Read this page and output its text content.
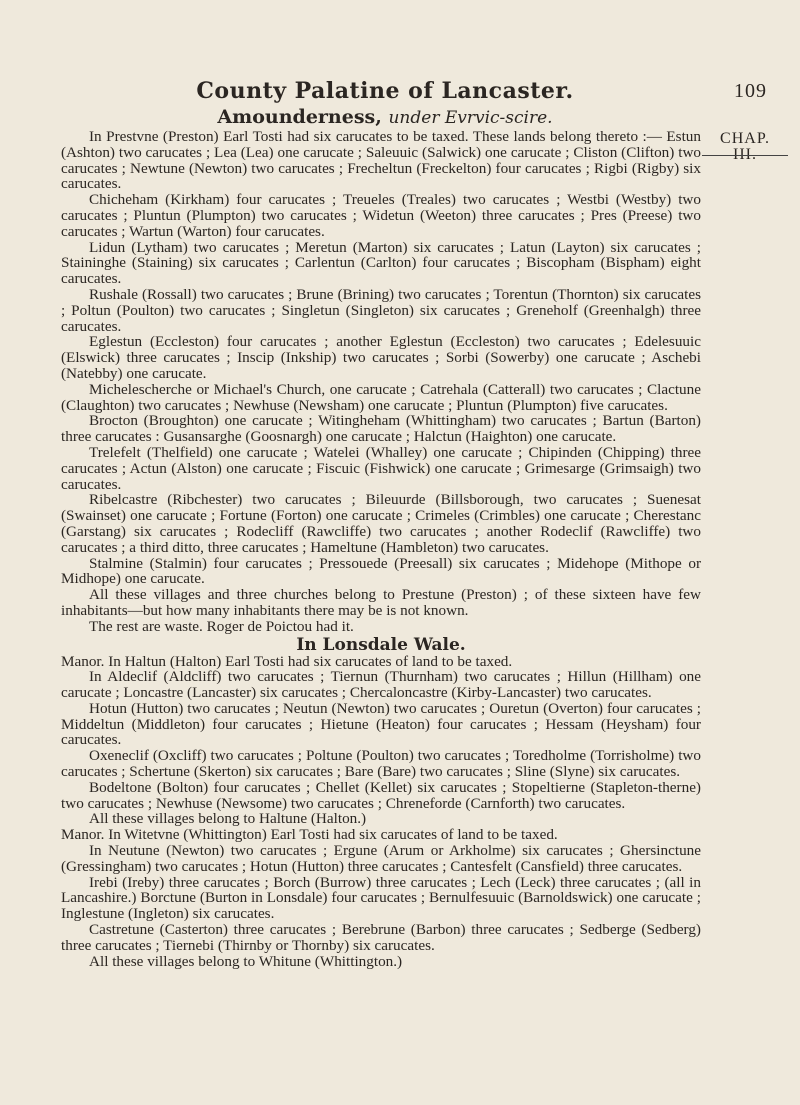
County Palatine of Lancaster.	109
Amounderness, under Evrvic-scire.
CHAP.
III.

In Prestvne (Preston) Earl Tosti had six carucates to be taxed. These lands belong thereto :— Estun (Ashton) two carucates ; Lea (Lea) one carucate ; Saleuuic (Salwick) one carucate ; Cliston (Clifton) two carucates ; Newtune (Newton) two carucates ; Frecheltun (Freckelton) four carucates ; Rigbi (Rigby) six carucates.

Chicheham (Kirkham) four carucates ; Treueles (Treales) two carucates ; Westbi (Westby) two carucates ; Pluntun (Plumpton) two carucates ; Widetun (Weeton) three carucates ; Pres (Preese) two carucates ; Wartun (Warton) four carucates.

Lidun (Lytham) two carucates ; Meretun (Marton) six carucates ; Latun (Layton) six carucates ; Staininghe (Staining) six carucates ; Carlentun (Carlton) four carucates ; Biscopham (Bispham) eight carucates.

Rushale (Rossall) two carucates ; Brune (Brining) two carucates ; Torentun (Thornton) six carucates ; Poltun (Poulton) two carucates ; Singletun (Singleton) six carucates ; Greneholf (Greenhalgh) three carucates.

Eglestun (Eccleston) four carucates ; another Eglestun (Eccleston) two carucates ; Edelesuuic (Elswick) three carucates ; Inscip (Inkship) two carucates ; Sorbi (Sowerby) one carucate ; Aschebi (Natebby) one carucate.

Michelescherche or Michael's Church, one carucate ; Catrehala (Catterall) two carucates ; Clactune (Claughton) two carucates ; Newhuse (Newsham) one carucate ; Pluntun (Plumpton) five carucates.

Brocton (Broughton) one carucate ; Witingheham (Whittingham) two carucates ; Bartun (Barton) three carucates : Gusansarghe (Goosnargh) one carucate ; Halctun (Haighton) one carucate.

Trelefelt (Thelfield) one carucate ; Watelei (Whalley) one carucate ; Chipinden (Chipping) three carucates ; Actun (Alston) one carucate ; Fiscuic (Fishwick) one carucate ; Grimesarge (Grimsaigh) two carucates.

Ribelcastre (Ribchester) two carucates ; Bileuurde (Billsborough, two carucates ; Suenesat (Swainset) one carucate ; Fortune (Forton) one carucate ; Crimeles (Crimbles) one carucate ; Cherestanc (Garstang) six carucates ; Rodecliff (Rawcliffe) two carucates ; another Rodeclif (Rawcliffe) two carucates ; a third ditto, three carucates ; Hameltune (Hambleton) two carucates.

Stalmine (Stalmin) four carucates ; Pressouede (Preesall) six carucates ; Midehope (Mithope or Midhope) one carucate.

All these villages and three churches belong to Prestune (Preston) ; of these sixteen have few inhabitants—but how many inhabitants there may be is not known.

The rest are waste. Roger de Poictou had it.

In Lonsdale Wale.

Manor. In Haltun (Halton) Earl Tosti had six carucates of land to be taxed.

In Aldeclif (Aldcliff) two carucates ; Tiernun (Thurnham) two carucates ; Hillun (Hillham) one carucate ; Loncastre (Lancaster) six carucates ; Chercaloncastre (Kirby-Lancaster) two carucates.

Hotun (Hutton) two carucates ; Neutun (Newton) two carucates ; Ouretun (Overton) four carucates ; Middeltun (Middleton) four carucates ; Hietune (Heaton) four carucates ; Hessam (Heysham) four carucates.

Oxeneclif (Oxcliff) two carucates ; Poltune (Poulton) two carucates ; Toredholme (Torrisholme) two carucates ; Schertune (Skerton) six carucates ; Bare (Bare) two carucates ; Sline (Slyne) six carucates.

Bodeltone (Bolton) four carucates ; Chellet (Kellet) six carucates ; Stopeltierne (Stapleton-therne) two carucates ; Newhuse (Newsome) two carucates ; Chreneforde (Carnforth) two carucates.

All these villages belong to Haltune (Halton.)

Manor. In Witetvne (Whittington) Earl Tosti had six carucates of land to be taxed.

In Neutune (Newton) two carucates ; Ergune (Arum or Arkholme) six carucates ; Ghersinctune (Gressingham) two carucates ; Hotun (Hutton) three carucates ; Cantesfelt (Cansfield) three carucates.

Irebi (Ireby) three carucates ; Borch (Burrow) three carucates ; Lech (Leck) three carucates ; (all in Lancashire.) Borctune (Burton in Lonsdale) four carucates ; Bernulfesuuic (Barnoldswick) one carucate ; Inglestune (Ingleton) six carucates.

Castretune (Casterton) three carucates ; Berebrune (Barbon) three carucates ; Sedberge (Sedberg) three carucates ; Tiernebi (Thirnby or Thornby) six carucates.

All these villages belong to Whitune (Whittington.)
